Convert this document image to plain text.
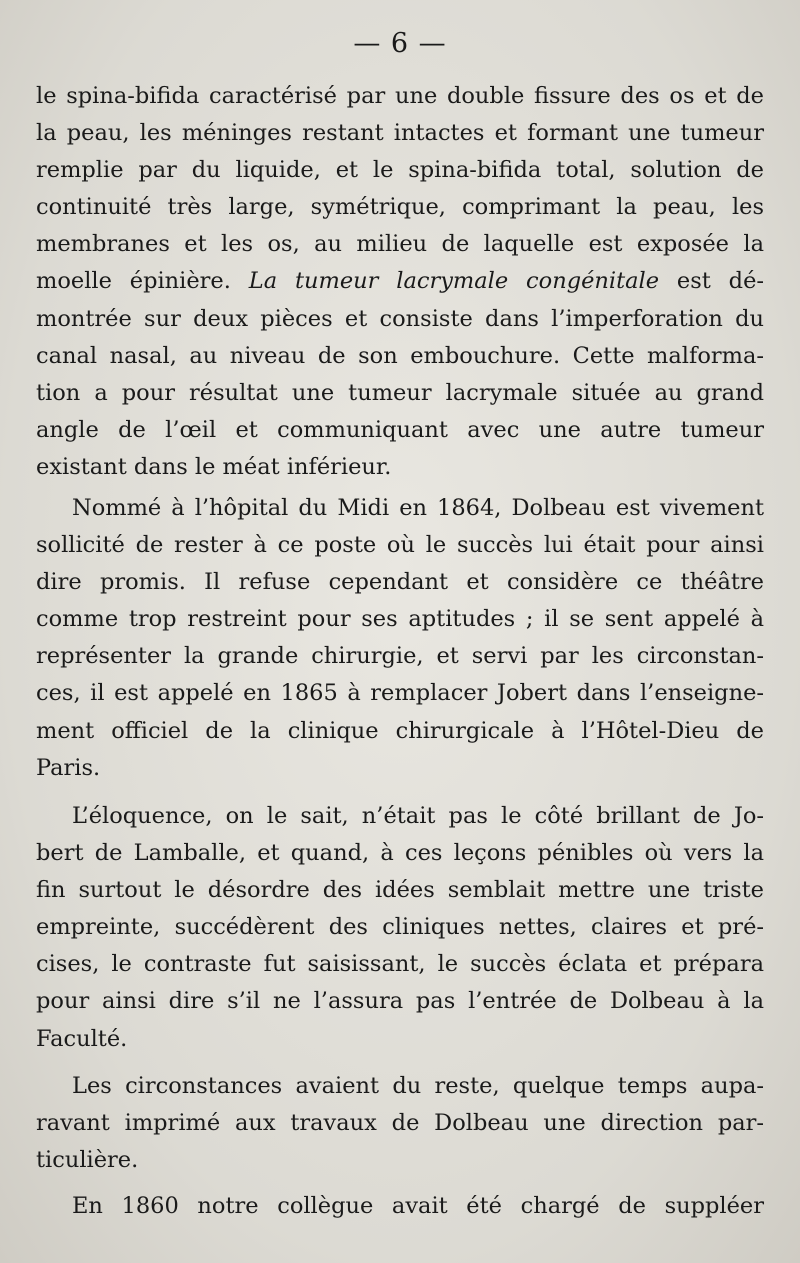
— 6 —
le spina-bifida caractérisé par une double fissure des os et de
la peau, les méninges restant intactes et formant une tumeur
remplie par du liquide, et le spina-bifida total, solution de
continuité très large, symétrique, comprimant la peau, les
membranes et les os, au milieu de laquelle est exposée la
moelle épinière. La tumeur lacrymale congénitale est dé-
montrée sur deux pièces et consiste dans l’imperforation du
canal nasal, au niveau de son embouchure. Cette malforma-
tion a pour résultat une tumeur lacrymale située au grand
angle de l’œil et communiquant avec une autre tumeur
existant dans le méat inférieur.
Nommé à l’hôpital du Midi en 1864, Dolbeau est vivement
sollicité de rester à ce poste où le succès lui était pour ainsi
dire promis. Il refuse cependant et considère ce théâtre
comme trop restreint pour ses aptitudes ; il se sent appelé à
représenter la grande chirurgie, et servi par les circonstan-
ces, il est appelé en 1865 à remplacer Jobert dans l’enseigne-
ment officiel de la clinique chirurgicale à l’Hôtel-Dieu de
Paris.
L’éloquence, on le sait, n’était pas le côté brillant de Jo-
bert de Lamballe, et quand, à ces leçons pénibles où vers la
fin surtout le désordre des idées semblait mettre une triste
empreinte, succédèrent des cliniques nettes, claires et pré-
cises, le contraste fut saisissant, le succès éclata et prépara
pour ainsi dire s’il ne l’assura pas l’entrée de Dolbeau à la
Faculté.
Les circonstances avaient du reste, quelque temps aupa-
ravant imprimé aux travaux de Dolbeau une direction par-
ticulière.
En 1860 notre collègue avait été chargé de suppléer
